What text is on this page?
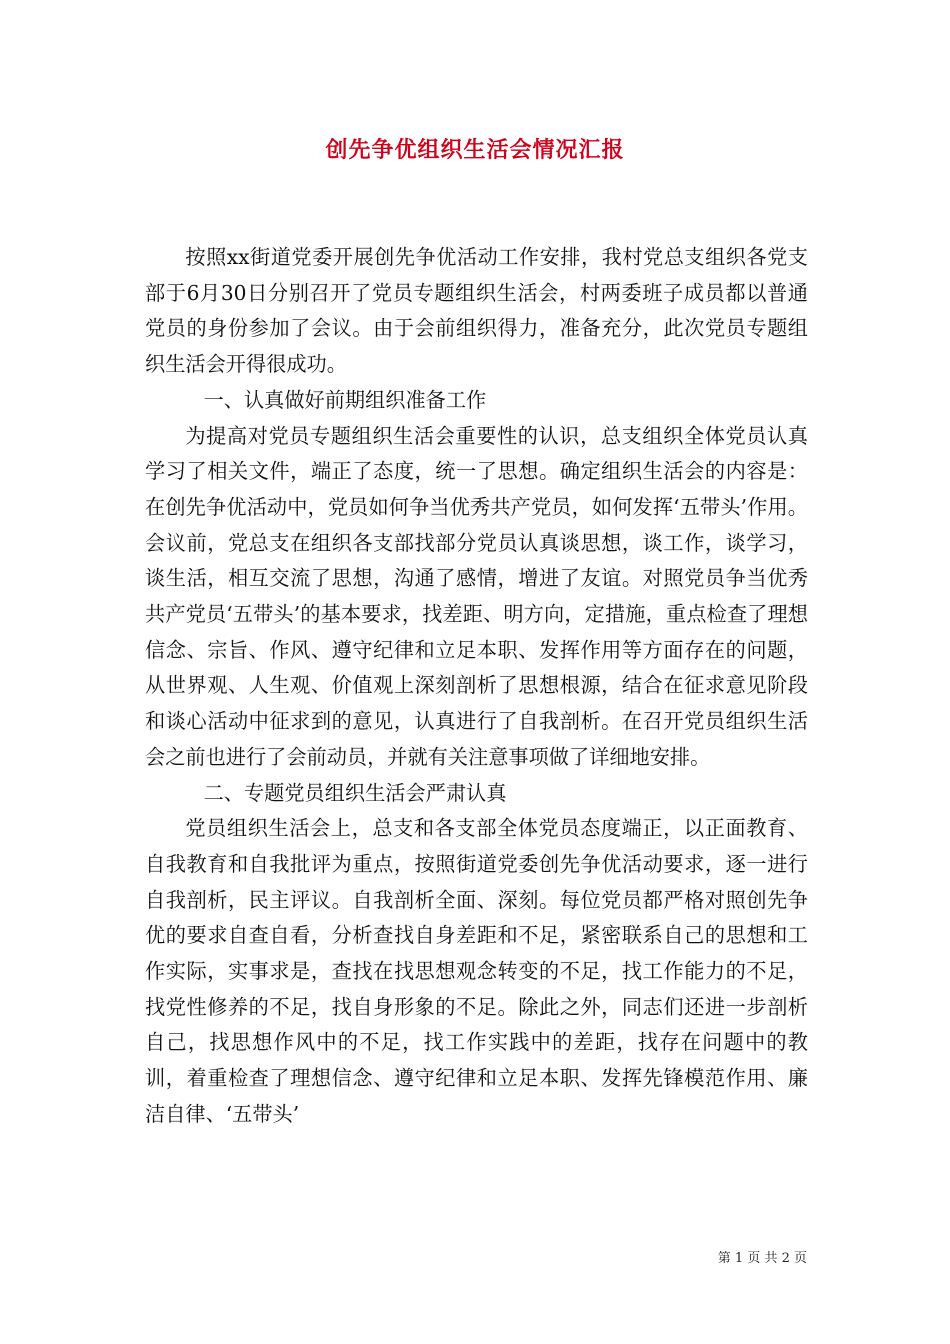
创先争优组织生活会情况汇报

按照xx街道党委开展创先争优活动工作安排，我村党总支组织各党支部于6月30日分别召开了党员专题组织生活会，村两委班子成员都以普通党员的身份参加了会议。由于会前组织得力，准备充分，此次党员专题组织生活会开得很成功。

一、认真做好前期组织准备工作

为提高对党员专题组织生活会重要性的认识，总支组织全体党员认真学习了相关文件，端正了态度，统一了思想。确定组织生活会的内容是：在创先争优活动中，党员如何争当优秀共产党员，如何发挥‘五带头’作用。会议前，党总支在组织各支部找部分党员认真谈思想，谈工作，谈学习，谈生活，相互交流了思想，沟通了感情，增进了友谊。对照党员争当优秀共产党员‘五带头’的基本要求，找差距、明方向，定措施，重点检查了理想信念、宗旨、作风、遵守纪律和立足本职、发挥作用等方面存在的问题，从世界观、人生观、价值观上深刻剖析了思想根源，结合在征求意见阶段和谈心活动中征求到的意见，认真进行了自我剖析。在召开党员组织生活会之前也进行了会前动员，并就有关注意事项做了详细地安排。

二、专题党员组织生活会严肃认真

党员组织生活会上，总支和各支部全体党员态度端正，以正面教育、自我教育和自我批评为重点，按照街道党委创先争优活动要求，逐一进行自我剖析，民主评议。自我剖析全面、深刻。每位党员都严格对照创先争优的要求自查自看，分析查找自身差距和不足，紧密联系自己的思想和工作实际，实事求是，查找在找思想观念转变的不足，找工作能力的不足，找党性修养的不足，找自身形象的不足。除此之外，同志们还进一步剖析自己，找思想作风中的不足，找工作实践中的差距，找存在问题中的教训，着重检查了理想信念、遵守纪律和立足本职、发挥先锋模范作用、廉洁自律、‘五带头’

第 1 页 共 2 页
